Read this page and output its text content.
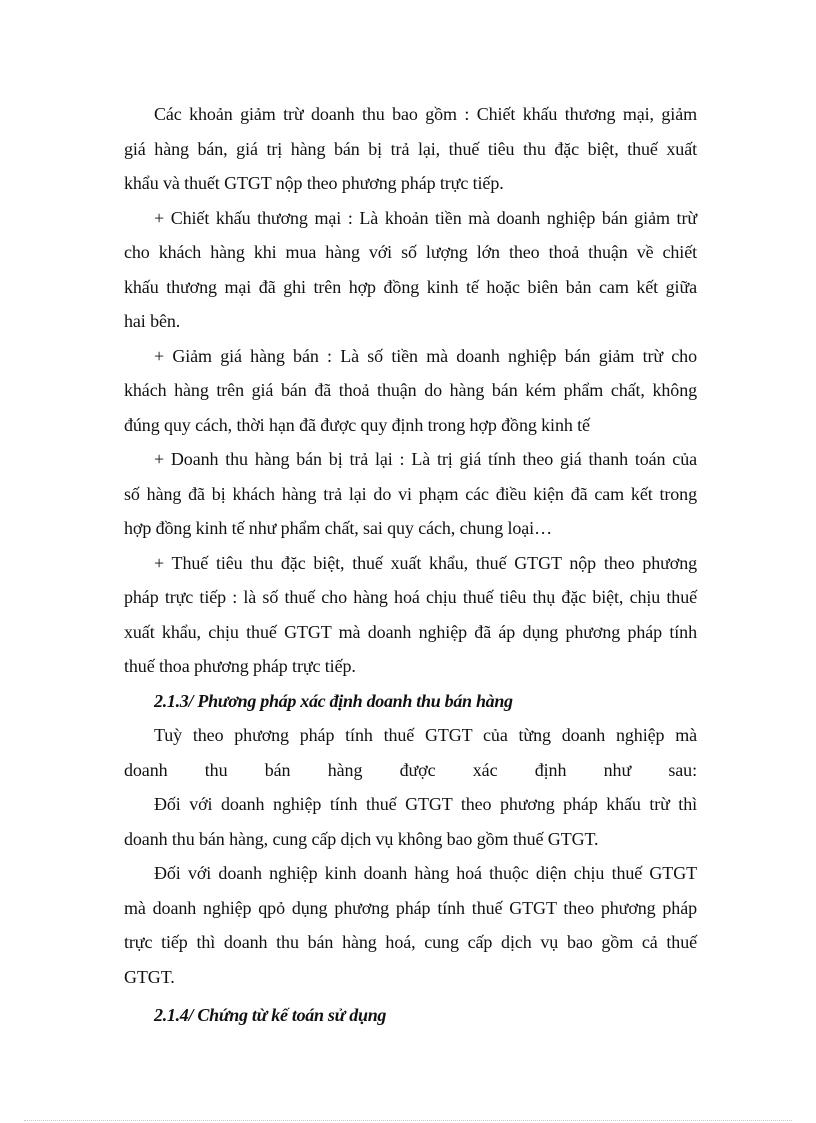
Các khoản giảm trừ doanh thu bao gồm : Chiết khấu thương mại, giảm
giá hàng bán, giá trị hàng bán bị trả lại, thuế tiêu thu đặc biệt, thuế xuất
khẩu và thuết GTGT nộp theo phương pháp trực tiếp.
+ Chiết khấu thương mại : Là khoản tiền mà doanh nghiệp bán giảm trừ
cho khách hàng khi mua hàng với số lượng lớn theo thoả thuận về chiết
khấu thương mại đã ghi trên hợp đồng kinh tế hoặc biên bản cam kết giữa
hai bên.
+ Giảm giá hàng bán : Là số tiền mà doanh nghiệp bán giảm trừ cho
khách hàng trên giá bán đã thoả thuận do hàng bán kém phẩm chất, không
đúng quy cách, thời hạn đã được quy định trong hợp đồng kinh tế
+ Doanh thu hàng bán bị trả lại : Là trị giá tính theo giá thanh toán của
số hàng đã bị khách hàng trả lại do vi phạm các điều kiện đã cam kết trong
hợp đồng kinh tế như phẩm chất, sai quy cách, chung loại…
+ Thuế tiêu thu đặc biệt, thuế xuất khẩu, thuế GTGT nộp theo phương
pháp trực tiếp : là số thuế cho hàng hoá chịu thuế tiêu thụ đặc biệt, chịu thuế
xuất khẩu, chịu thuế GTGT mà doanh nghiệp đã áp dụng phương pháp tính
thuế thoa phương pháp trực tiếp.
2.1.3/ Phương pháp xác định doanh thu bán hàng
Tuỳ theo phương pháp tính thuế GTGT của từng doanh nghiệp mà
doanh thu bán hàng được xác định như sau:
Đối với doanh nghiệp tính thuế GTGT theo phương pháp khấu trừ thì
doanh thu bán hàng, cung cấp dịch vụ không bao gồm thuế GTGT.
Đối với doanh nghiệp kinh doanh hàng hoá thuộc diện chịu thuế GTGT
mà doanh nghiệp qpỏ dụng phương pháp tính thuế GTGT theo phương pháp
trực tiếp thì doanh thu bán hàng hoá, cung cấp dịch vụ bao gồm cả thuế
GTGT.
2.1.4/ Chứng từ kế toán sử dụng
